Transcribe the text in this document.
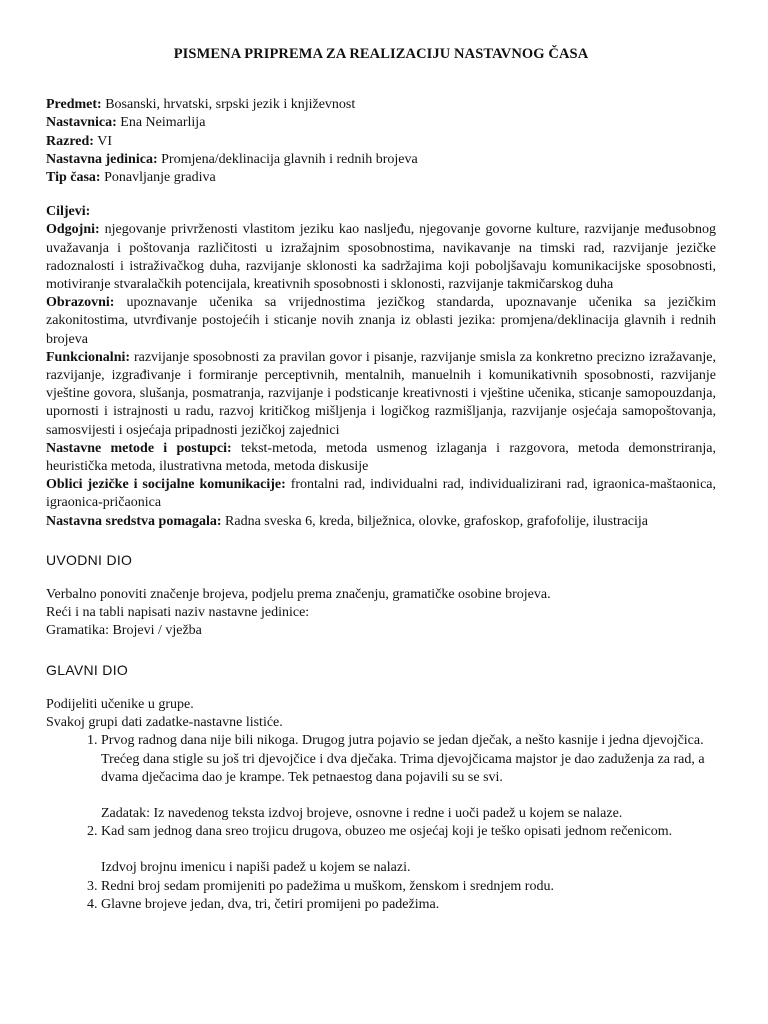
PISMENA PRIPREMA ZA REALIZACIJU NASTAVNOG ČASA

Predmet: Bosanski, hrvatski, srpski jezik i književnost

Nastavnica: Ena Neimarlija

Razred: VI

Nastavna jedinica: Promjena/deklinacija glavnih i rednih brojeva

Tip časa: Ponavljanje gradiva

Ciljevi:

Odgojni: njegovanje privrženosti vlastitom jeziku kao nasljeđu, njegovanje govorne kulture, razvijanje međusobnog uvažavanja i poštovanja različitosti u izražajnim sposobnostima, navikavanje na timski rad, razvijanje jezičke radoznalosti i istraživačkog duha, razvijanje sklonosti ka sadržajima koji poboljšavaju komunikacijske sposobnosti, motiviranje stvaralačkih potencijala, kreativnih sposobnosti i sklonosti, razvijanje takmičarskog duha

Obrazovni: upoznavanje učenika sa vrijednostima jezičkog standarda, upoznavanje učenika sa jezičkim zakonitostima, utvrđivanje postojećih i sticanje novih znanja iz oblasti jezika: promjena/deklinacija glavnih i rednih brojeva

Funkcionalni: razvijanje sposobnosti za pravilan govor i pisanje, razvijanje smisla za konkretno precizno izražavanje, razvijanje, izgrađivanje i formiranje perceptivnih, mentalnih, manuelnih i komunikativnih sposobnosti, razvijanje vještine govora, slušanja, posmatranja, razvijanje i podsticanje kreativnosti i vještine učenika, sticanje samopouzdanja, upornosti i istrajnosti u radu, razvoj kritičkog mišljenja i logičkog razmišljanja, razvijanje osjećaja samopoštovanja, samosvijesti i osjećaja pripadnosti jezičkoj zajednici

Nastavne metode i postupci: tekst-metoda, metoda usmenog izlaganja i razgovora, metoda demonstriranja, heuristička metoda, ilustrativna metoda, metoda diskusije

Oblici jezičke i socijalne komunikacije: frontalni rad, individualni rad, individualizirani rad, igraonica-maštaonica, igraonica-pričaonica

Nastavna sredstva pomagala: Radna sveska 6, kreda, bilježnica, olovke, grafoskop, grafofolije, ilustracija

UVODNI DIO

Verbalno ponoviti značenje brojeva, podjelu prema značenju, gramatičke osobine brojeva.

Reći i na tabli napisati naziv nastavne jedinice:

Gramatika: Brojevi / vježba

GLAVNI DIO

Podijeliti učenike u grupe.

Svakoj grupi dati zadatke-nastavne listiće.

1. Prvog radnog dana nije bili nikoga. Drugog jutra pojavio se jedan dječak, a nešto kasnije i jedna djevojčica. Trećeg dana stigle su još tri djevojčice i dva dječaka. Trima djevojčicama majstor je dao zaduženja za rad, a dvama dječacima dao je krampe. Tek petnaestog dana pojavili su se svi.
Zadatak: Iz navedenog teksta izdvoj brojeve, osnovne i redne i uoči padež u kojem se nalaze.
2. Kad sam jednog dana sreo trojicu drugova, obuzeo me osjećaj koji je teško opisati jednom rečenicom.
Izdvoj brojnu imenicu i napiši padež u kojem se nalazi.
3. Redni broj sedam promijeniti po padežima u muškom, ženskom i srednjem rodu.
4. Glavne brojeve jedan, dva, tri, četiri promijeni po padežima.
